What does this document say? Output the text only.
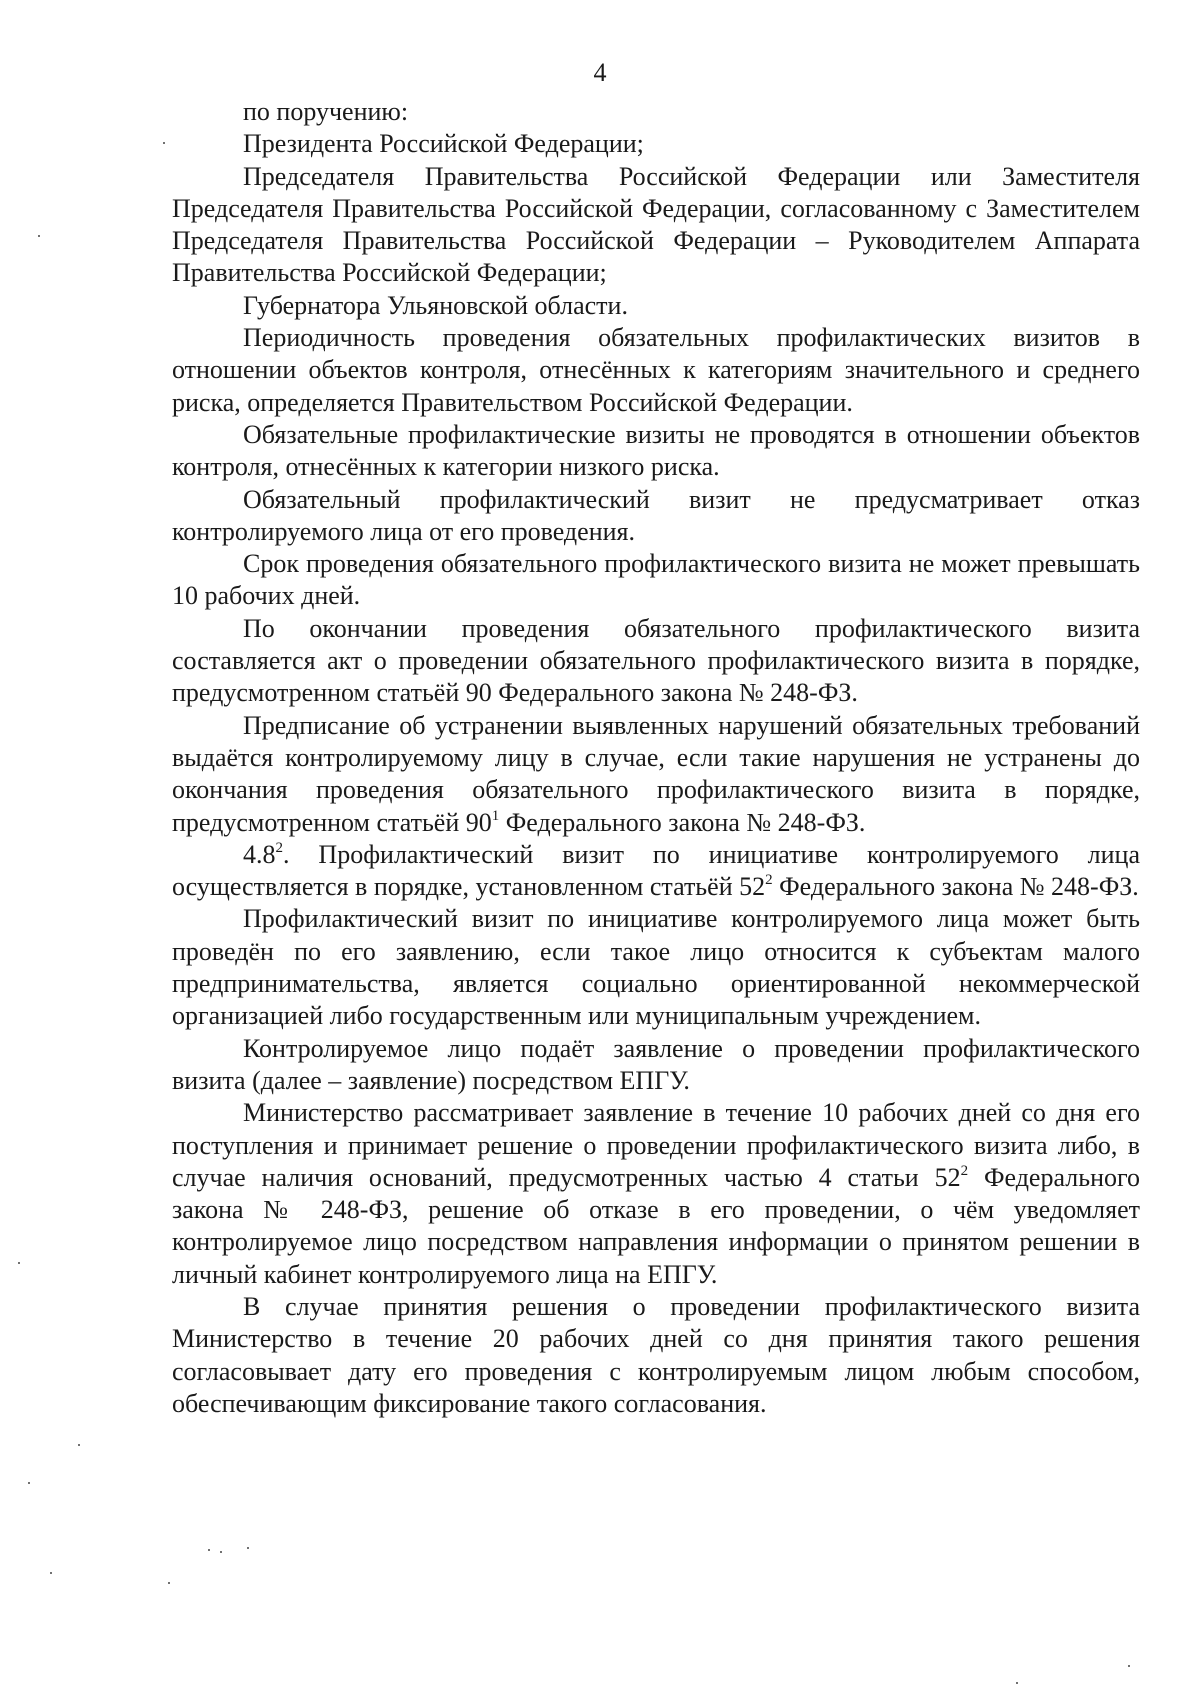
4

по поручению:

Президента Российской Федерации;

Председателя Правительства Российской Федерации или Заместителя Председателя Правительства Российской Федерации, согласованному с Заместителем Председателя Правительства Российской Федерации – Руководителем Аппарата Правительства Российской Федерации;

Губернатора Ульяновской области.

Периодичность проведения обязательных профилактических визитов в отношении объектов контроля, отнесённых к категориям значительного и среднего риска, определяется Правительством Российской Федерации.

Обязательные профилактические визиты не проводятся в отношении объектов контроля, отнесённых к категории низкого риска.

Обязательный профилактический визит не предусматривает отказ контролируемого лица от его проведения.

Срок проведения обязательного профилактического визита не может превышать 10 рабочих дней.

По окончании проведения обязательного профилактического визита составляется акт о проведении обязательного профилактического визита в порядке, предусмотренном статьёй 90 Федерального закона № 248-ФЗ.

Предписание об устранении выявленных нарушений обязательных требований выдаётся контролируемому лицу в случае, если такие нарушения не устранены до окончания проведения обязательного профилактического визита в порядке, предусмотренном статьёй $90^1$ Федерального закона № 248-ФЗ.

$4.8^2$. Профилактический визит по инициативе контролируемого лица осуществляется в порядке, установленном статьёй $52^2$ Федерального закона № 248-ФЗ.

Профилактический визит по инициативе контролируемого лица может быть проведён по его заявлению, если такое лицо относится к субъектам малого предпринимательства, является социально ориентированной некоммерческой организацией либо государственным или муниципальным учреждением.

Контролируемое лицо подаёт заявление о проведении профилактического визита (далее – заявление) посредством ЕПГУ.

Министерство рассматривает заявление в течение 10 рабочих дней со дня его поступления и принимает решение о проведении профилактического визита либо, в случае наличия оснований, предусмотренных частью 4 статьи $52^2$ Федерального закона № 248-ФЗ, решение об отказе в его проведении, о чём уведомляет контролируемое лицо посредством направления информации о принятом решении в личный кабинет контролируемого лица на ЕПГУ.

В случае принятия решения о проведении профилактического визита Министерство в течение 20 рабочих дней со дня принятия такого решения согласовывает дату его проведения с контролируемым лицом любым способом, обеспечивающим фиксирование такого согласования.
